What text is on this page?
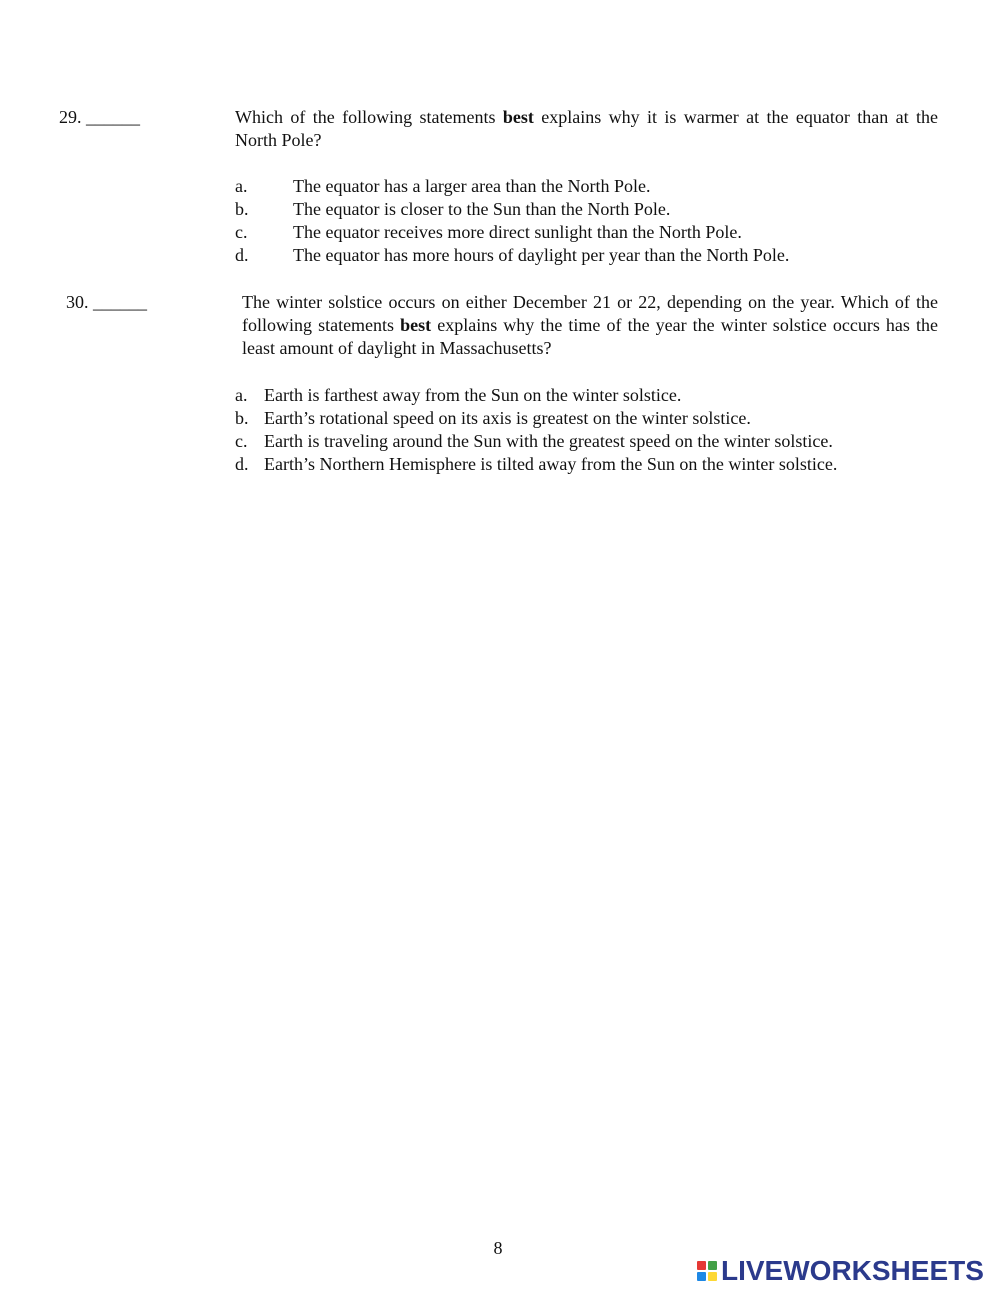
29. ______	Which of the following statements best explains why it is warmer at the equator than at the North Pole?
a.	The equator has a larger area than the North Pole.
b. The equator is closer to the Sun than the North Pole.
c.	The equator receives more direct sunlight than the North Pole.
d. The equator has more hours of daylight per year than the North Pole.
30. ______	The winter solstice occurs on either December 21 or 22, depending on the year. Which of the following statements best explains why the time of the year the winter solstice occurs has the least amount of daylight in Massachusetts?
a. Earth is farthest away from the Sun on the winter solstice.
b. Earth’s rotational speed on its axis is greatest on the winter solstice.
c. Earth is traveling around the Sun with the greatest speed on the winter solstice.
d. Earth’s Northern Hemisphere is tilted away from the Sun on the winter solstice.
8
LIVEWORKSHEETS
